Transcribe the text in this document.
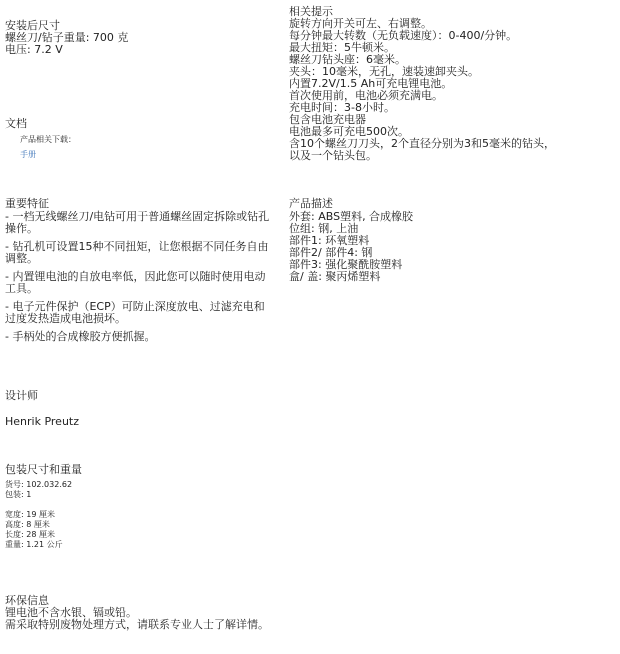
安装后尺寸
螺丝刀/钻子重量: 700 克
电压: 7.2 V
文档
产品相关下载：
手册
重要特征
- 一档无线螺丝刀/电钻可用于普通螺丝固定拆除或钻孔操作。
- 钻孔机可设置15种不同扭矩，让您根据不同任务自由调整。
- 内置锂电池的自放电率低，因此您可以随时使用电动工具。
- 电子元件保护（ECP）可防止深度放电、过滤充电和过度发热造成电池损坏。
- 手柄处的合成橡胶方便抓握。
设计师
Henrik Preutz
包装尺寸和重量
货号: 102.032.62
包装: 1
宽度: 19 厘米
高度: 8 厘米
长度: 28 厘米
重量: 1.21 公斤
环保信息
锂电池不含水银、镉或铅。
需采取特别废物处理方式，请联系专业人士了解详情。
相关提示
旋转方向开关可左、右调整。
每分钟最大转数（无负载速度）：0-400/分钟。
最大扭矩：5牛顿米。
螺丝刀钻头座：6毫米。
夹头：10毫米，无孔，速装速卸夹头。
内置7.2V/1.5 Ah可充电锂电池。
首次使用前，电池必须充满电。
充电时间：3-8小时。
包含电池充电器
电池最多可充电500次。
含10个螺丝刀刀头，2个直径分别为3和5毫米的钻头，以及一个钻头包。
产品描述
外套: ABS塑料, 合成橡胶
位组: 钢, 上油
部件1: 环氧塑料
部件2/ 部件4: 钢
部件3: 强化聚酰胺塑料
盒/ 盖: 聚丙烯塑料
